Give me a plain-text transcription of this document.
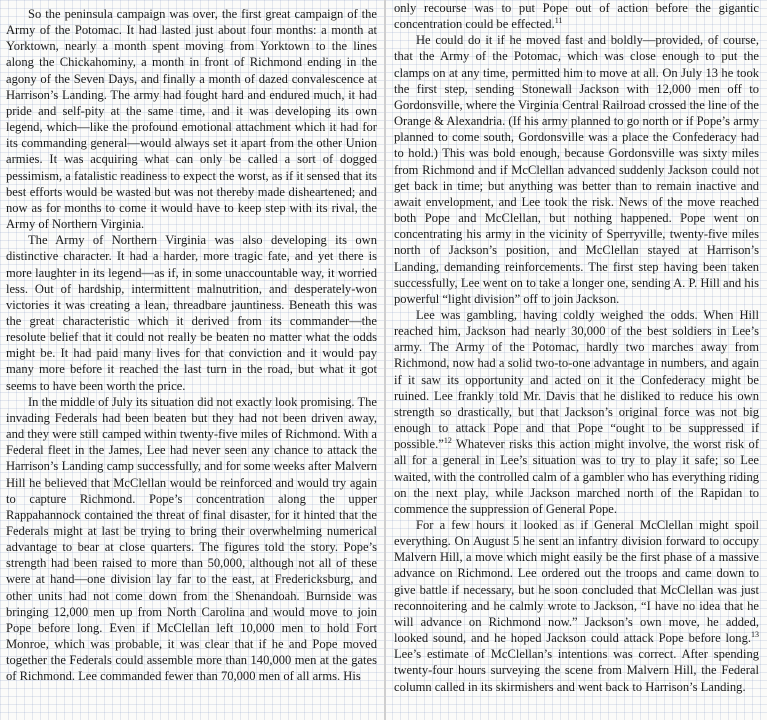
So the peninsula campaign was over, the first great campaign of the Army of the Potomac. It had lasted just about four months: a month at Yorktown, nearly a month spent moving from Yorktown to the lines along the Chickahominy, a month in front of Richmond ending in the agony of the Seven Days, and finally a month of dazed convalescence at Harrison’s Landing. The army had fought hard and endured much, it had pride and self-pity at the same time, and it was developing its own legend, which—like the profound emotional attachment which it had for its commanding general—would always set it apart from the other Union armies. It was acquiring what can only be called a sort of dogged pessimism, a fatalistic readiness to expect the worst, as if it sensed that its best efforts would be wasted but was not thereby made disheartened; and now as for months to come it would have to keep step with its rival, the Army of Northern Virginia.

The Army of Northern Virginia was also developing its own distinctive character. It had a harder, more tragic fate, and yet there is more laughter in its legend—as if, in some unaccountable way, it worried less. Out of hardship, intermittent malnutrition, and desperately-won victories it was creating a lean, threadbare jauntiness. Beneath this was the great characteristic which it derived from its commander—the resolute belief that it could not really be beaten no matter what the odds might be. It had paid many lives for that conviction and it would pay many more before it reached the last turn in the road, but what it got seems to have been worth the price.

In the middle of July its situation did not exactly look promising. The invading Federals had been beaten but they had not been driven away, and they were still camped within twenty-five miles of Richmond. With a Federal fleet in the James, Lee had never seen any chance to attack the Harrison’s Landing camp successfully, and for some weeks after Malvern Hill he believed that McClellan would be reinforced and would try again to capture Richmond. Pope’s concentration along the upper Rappahannock contained the threat of final disaster, for it hinted that the Federals might at last be trying to bring their overwhelming numerical advantage to bear at close quarters. The figures told the story. Pope’s strength had been raised to more than 50,000, although not all of these were at hand—one division lay far to the east, at Fredericksburg, and other units had not come down from the Shenandoah. Burnside was bringing 12,000 men up from North Carolina and would move to join Pope before long. Even if McClellan left 10,000 men to hold Fort Monroe, which was probable, it was clear that if he and Pope moved together the Federals could assemble more than 140,000 men at the gates of Richmond. Lee commanded fewer than 70,000 men of all arms. His

only recourse was to put Pope out of action before the gigantic concentration could be effected.$^{11}$

He could do it if he moved fast and boldly—provided, of course, that the Army of the Potomac, which was close enough to put the clamps on at any time, permitted him to move at all. On July 13 he took the first step, sending Stonewall Jackson with 12,000 men off to Gordonsville, where the Virginia Central Railroad crossed the line of the Orange & Alexandria. (If his army planned to go north or if Pope’s army planned to come south, Gordonsville was a place the Confederacy had to hold.) This was bold enough, because Gordonsville was sixty miles from Richmond and if McClellan advanced suddenly Jackson could not get back in time; but anything was better than to remain inactive and await envelopment, and Lee took the risk. News of the move reached both Pope and McClellan, but nothing happened. Pope went on concentrating his army in the vicinity of Sperryville, twenty-five miles north of Jackson’s position, and McClellan stayed at Harrison’s Landing, demanding reinforcements. The first step having been taken successfully, Lee went on to take a longer one, sending A. P. Hill and his powerful “light division” off to join Jackson.

Lee was gambling, having coldly weighed the odds. When Hill reached him, Jackson had nearly 30,000 of the best soldiers in Lee’s army. The Army of the Potomac, hardly two marches away from Richmond, now had a solid two-to-one advantage in numbers, and again if it saw its opportunity and acted on it the Confederacy might be ruined. Lee frankly told Mr. Davis that he disliked to reduce his own strength so drastically, but that Jackson’s original force was not big enough to attack Pope and that Pope “ought to be suppressed if possible.”$^{12}$ Whatever risks this action might involve, the worst risk of all for a general in Lee’s situation was to try to play it safe; so Lee waited, with the controlled calm of a gambler who has everything riding on the next play, while Jackson marched north of the Rapidan to commence the suppression of General Pope.

For a few hours it looked as if General McClellan might spoil everything. On August 5 he sent an infantry division forward to occupy Malvern Hill, a move which might easily be the first phase of a massive advance on Richmond. Lee ordered out the troops and came down to give battle if necessary, but he soon concluded that McClellan was just reconnoitering and he calmly wrote to Jackson, “I have no idea that he will advance on Richmond now.” Jackson’s own move, he added, looked sound, and he hoped Jackson could attack Pope before long.$^{13}$ Lee’s estimate of McClellan’s intentions was correct. After spending twenty-four hours surveying the scene from Malvern Hill, the Federal column called in its skirmishers and went back to Harrison’s Landing.
